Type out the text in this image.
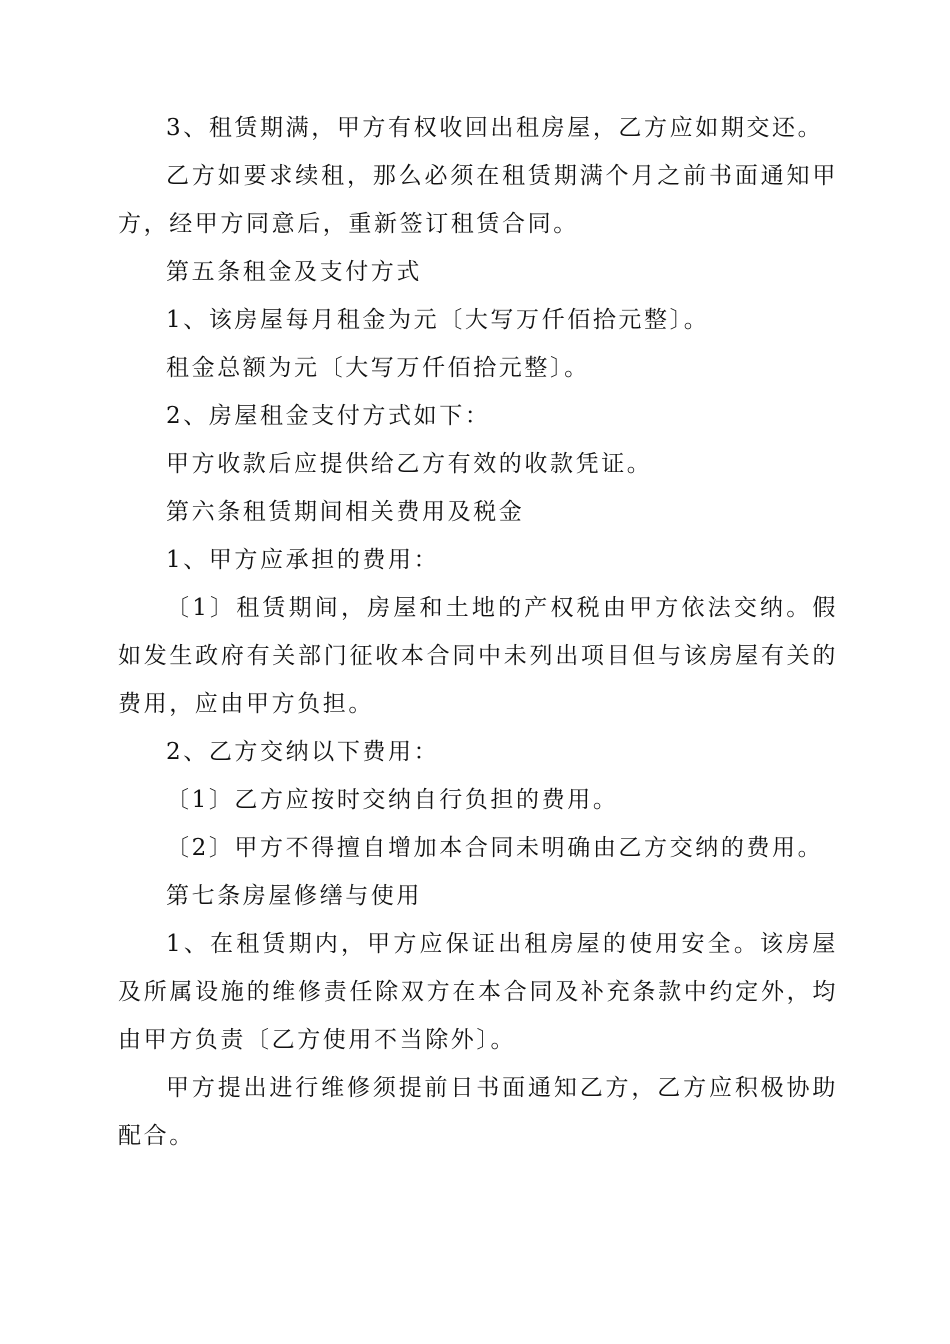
3、租赁期满，甲方有权收回出租房屋，乙方应如期交还。

乙方如要求续租，那么必须在租赁期满个月之前书面通知甲方，经甲方同意后，重新签订租赁合同。

第五条租金及支付方式

1、该房屋每月租金为元〔大写万仟佰拾元整〕。

租金总额为元〔大写万仟佰拾元整〕。

2、房屋租金支付方式如下：

甲方收款后应提供给乙方有效的收款凭证。

第六条租赁期间相关费用及税金

1、甲方应承担的费用：

〔1〕租赁期间，房屋和土地的产权税由甲方依法交纳。假如发生政府有关部门征收本合同中未列出项目但与该房屋有关的费用，应由甲方负担。

2、乙方交纳以下费用：

〔1〕乙方应按时交纳自行负担的费用。

〔2〕甲方不得擅自增加本合同未明确由乙方交纳的费用。

第七条房屋修缮与使用

1、在租赁期内，甲方应保证出租房屋的使用安全。该房屋及所属设施的维修责任除双方在本合同及补充条款中约定外，均由甲方负责〔乙方使用不当除外〕。

甲方提出进行维修须提前日书面通知乙方，乙方应积极协助配合。
